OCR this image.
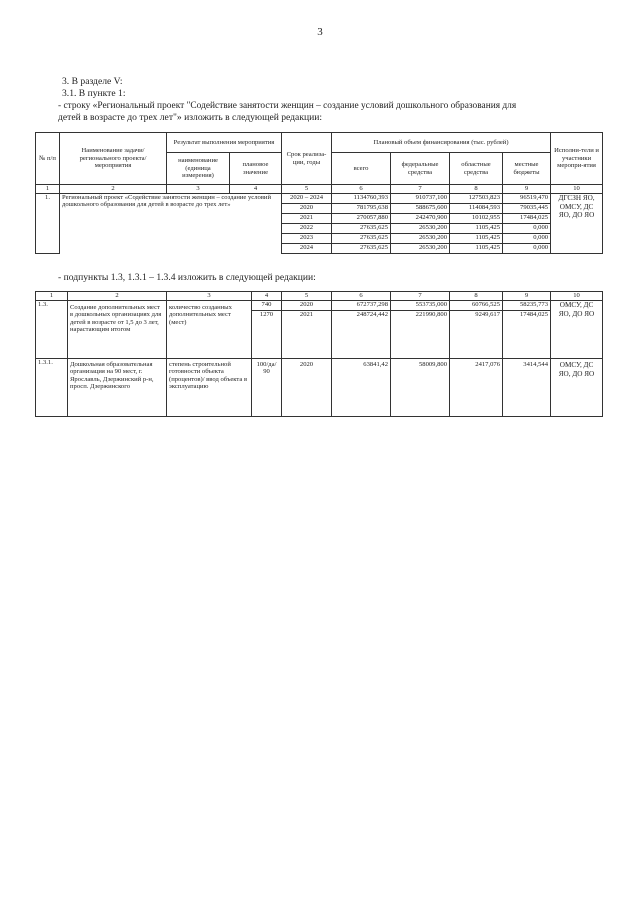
3
3. В разделе V:
3.1. В пункте 1:
- строку «Региональный проект "Содействие занятости женщин – создание условий дошкольного образования для
детей в возрасте до трех лет"» изложить в следующей редакции:
№ п/п	Наименование задачи/ регионального проекта/ мероприятия	Результат выполнения мероприятия		Срок реализа-ции, годы	Плановый объем финансирования (тыс. рублей)				Исполни-тели и участники меропри-ятия
		наименование (единица измерения)	плановое значение		всего	федеральные средства	областные средства	местные бюджеты	
1	2	3	4	5	6	7	8	9	10
1.	Региональный проект «Содействие занятости женщин – создание условий дошкольного образования для детей в возрасте до трех лет»			2020 – 2024	1134760,393	910737,100	127503,823	96519,470	ДГСЗН ЯО, ОМСУ, ДС ЯО, ДО ЯО
				2020	781795,638	588675,600	114084,593	79035,445	
				2021	270057,880	242470,900	10102,955	17484,025	
				2022	27635,625	26530,200	1105,425	0,000	
				2023	27635,625	26530,200	1105,425	0,000	
				2024	27635,625	26530,200	1105,425	0,000	
- подпункты 1.3, 1.3.1 – 1.3.4 изложить в следующей редакции:
1	2	3	4	5	6	7	8	9	10
1.3.	Создание дополнительных мест в дошкольных организациях для детей в возрасте от 1,5 до 3 лет, нарастающим итогом	количество созданных дополнительных мест (мест)	740	2020	672737,298	553735,000	60766,525	58235,773	ОМСУ, ДС ЯО, ДО ЯО
			1270	2021	248724,442	221990,800	9249,617	17484,025	
1.3.1.	Дошкольная образовательная организация на 90 мест, г. Ярославль, Дзержинский р-н, просп. Дзержинского	степень строительной готовности объекта (процентов)/ ввод объекта в эксплуатацию	100/да/ 90	2020	63841,42	58009,800	2417,076	3414,544	ОМСУ, ДС ЯО, ДО ЯО
